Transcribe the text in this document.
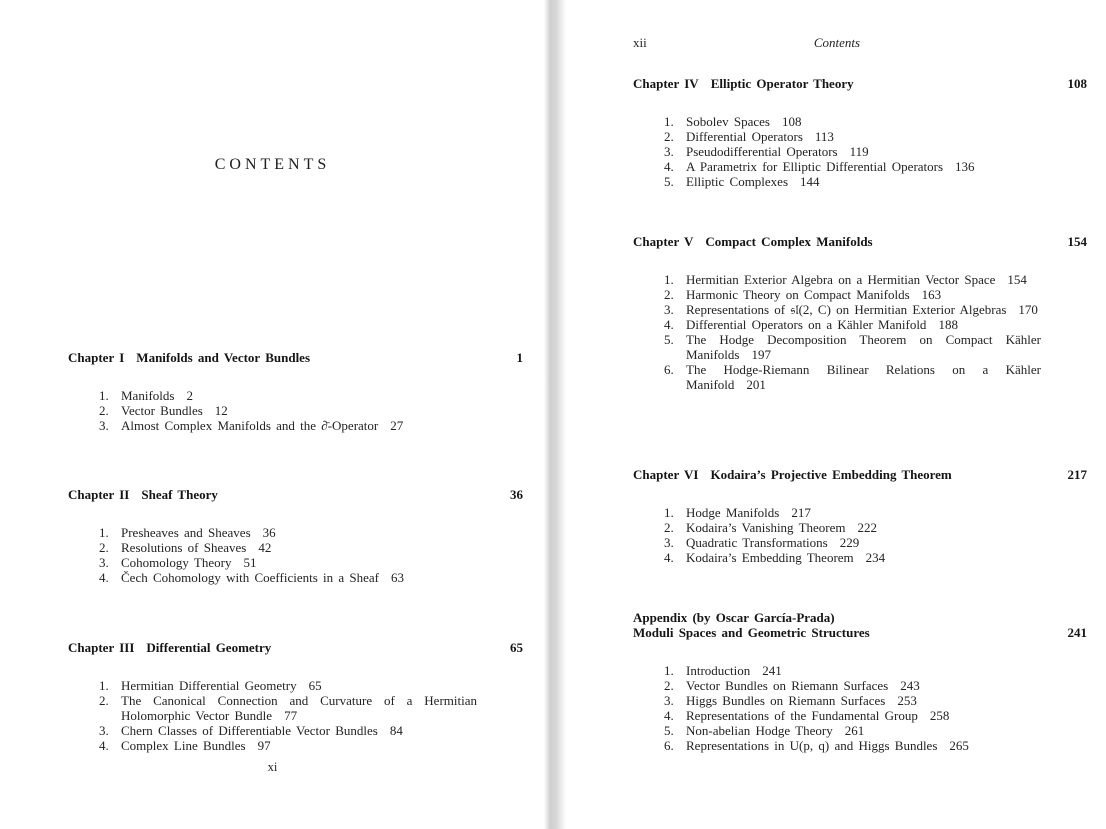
CONTENTS
Chapter I Manifolds and Vector Bundles	1
1. Manifolds 2
2. Vector Bundles 12
3. Almost Complex Manifolds and the ∂̄-Operator 27
Chapter II Sheaf Theory	36
1. Presheaves and Sheaves 36
2. Resolutions of Sheaves 42
3. Cohomology Theory 51
4. Čech Cohomology with Coefficients in a Sheaf 63
Chapter III Differential Geometry	65
1. Hermitian Differential Geometry 65
2. The Canonical Connection and Curvature of a Hermitian Holomorphic Vector Bundle 77
3. Chern Classes of Differentiable Vector Bundles 84
4. Complex Line Bundles 97
xi
xii	Contents
Chapter IV Elliptic Operator Theory	108
1. Sobolev Spaces 108
2. Differential Operators 113
3. Pseudodifferential Operators 119
4. A Parametrix for Elliptic Differential Operators 136
5. Elliptic Complexes 144
Chapter V Compact Complex Manifolds	154
1. Hermitian Exterior Algebra on a Hermitian Vector Space 154
2. Harmonic Theory on Compact Manifolds 163
3. Representations of 𝔰𝔩(2, C) on Hermitian Exterior Algebras 170
4. Differential Operators on a Kähler Manifold 188
5. The Hodge Decomposition Theorem on Compact Kähler Manifolds 197
6. The Hodge-Riemann Bilinear Relations on a Kähler Manifold 201
Chapter VI Kodaira’s Projective Embedding Theorem	217
1. Hodge Manifolds 217
2. Kodaira’s Vanishing Theorem 222
3. Quadratic Transformations 229
4. Kodaira’s Embedding Theorem 234
Appendix (by Oscar García-Prada)
Moduli Spaces and Geometric Structures	241
1. Introduction 241
2. Vector Bundles on Riemann Surfaces 243
3. Higgs Bundles on Riemann Surfaces 253
4. Representations of the Fundamental Group 258
5. Non-abelian Hodge Theory 261
6. Representations in U(p, q) and Higgs Bundles 265
